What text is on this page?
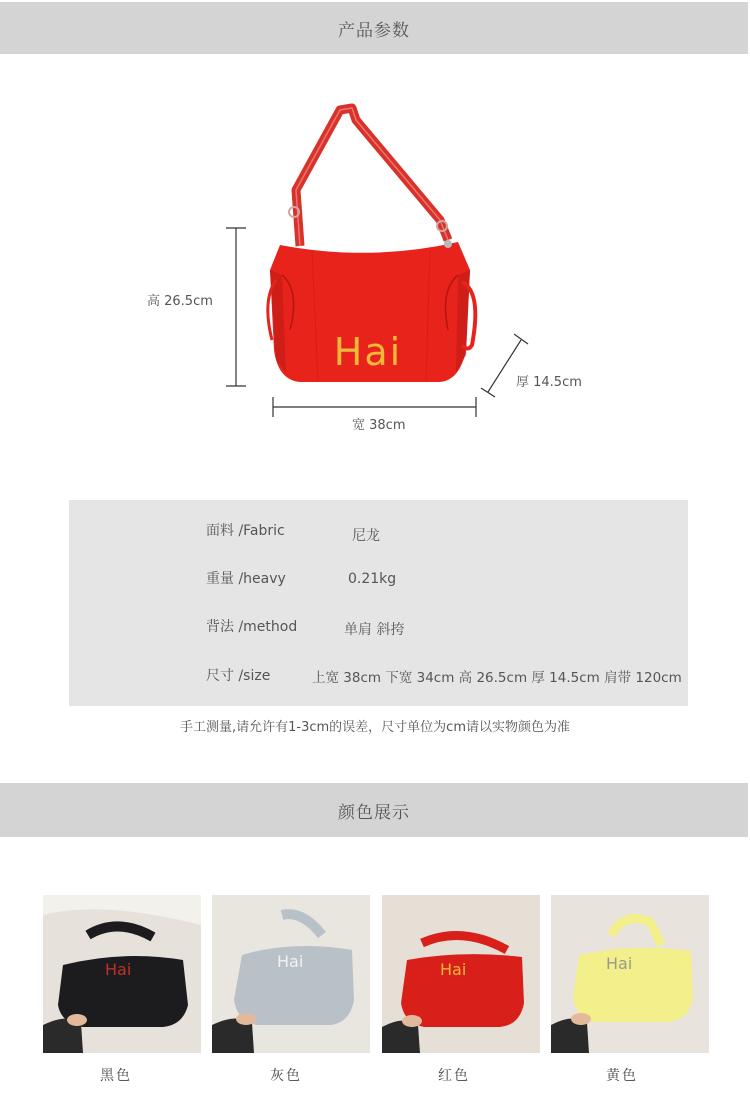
产品参数
Hai
高 26.5cm
宽 38cm
厚 14.5cm
面料 /Fabric	尼龙
重量 /heavy	0.21kg
背法 /method	单肩 斜挎
尺寸 /size	上宽 38cm 下宽 34cm 高 26.5cm 厚 14.5cm 肩带 120cm
手工测量,请允许有1-3cm的误差，尺寸单位为cm请以实物颜色为准
颜色展示
Hai
黑色
Hai
灰色
Hai
红色
Hai
黄色
